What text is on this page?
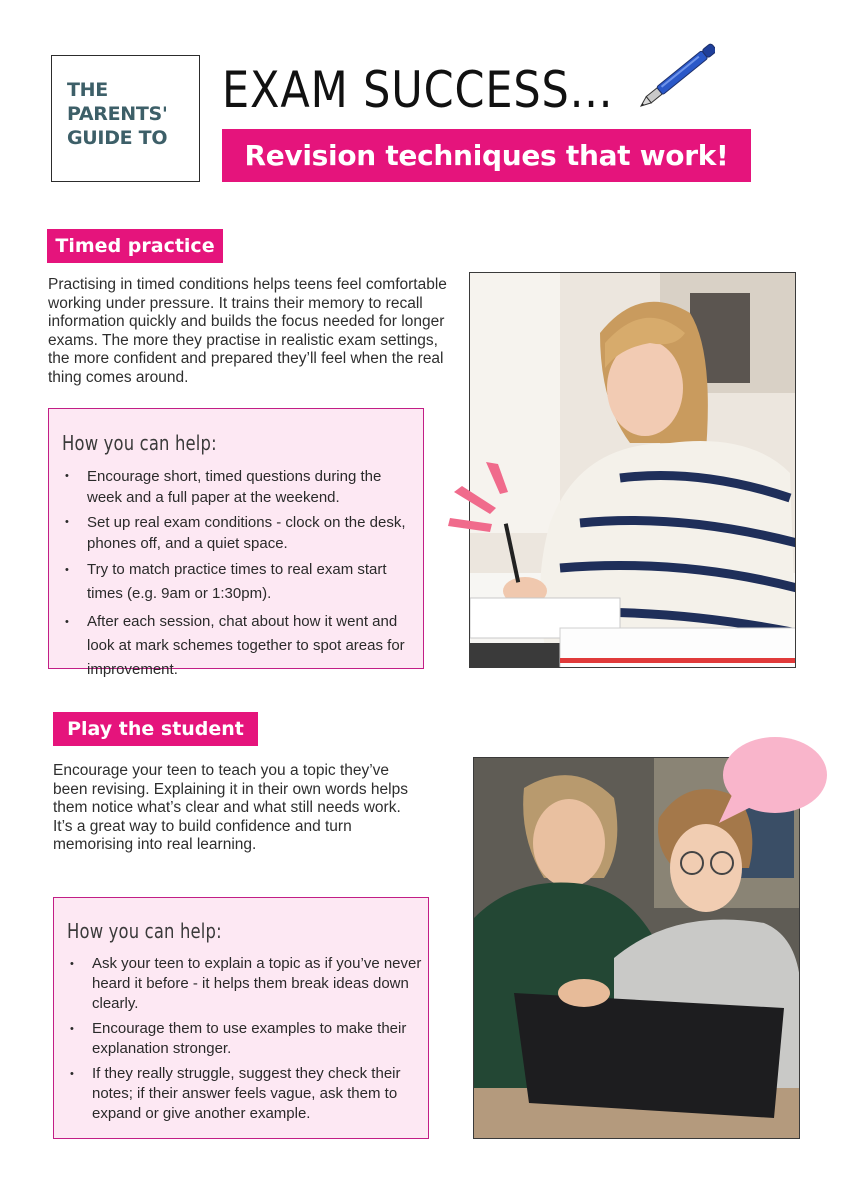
THE
PARENTS'
GUIDE TO
EXAM SUCCESS...
Revision techniques that work!
Timed practice

Practising in timed conditions helps teens feel comfortable working under pressure. It trains their memory to recall information quickly and builds the focus needed for longer exams. The more they practise in realistic exam settings, the more confident and prepared they’ll feel when the real thing comes around.

How you can help:
• Encourage short, timed questions during the week and a full paper at the weekend.
• Set up real exam conditions - clock on the desk, phones off, and a quiet space.
• Try to match practice times to real exam start times (e.g. 9am or 1:30pm).
• After each session, chat about how it went and look at mark schemes together to spot areas for improvement.
Play the student

Encourage your teen to teach you a topic they’ve been revising. Explaining it in their own words helps them notice what’s clear and what still needs work. It’s a great way to build confidence and turn memorising into real learning.

How you can help:
• Ask your teen to explain a topic as if you’ve never heard it before - it helps them break ideas down clearly.
• Encourage them to use examples to make their explanation stronger.
• If they really struggle, suggest they check their notes; if their answer feels vague, ask them to expand or give another example.
